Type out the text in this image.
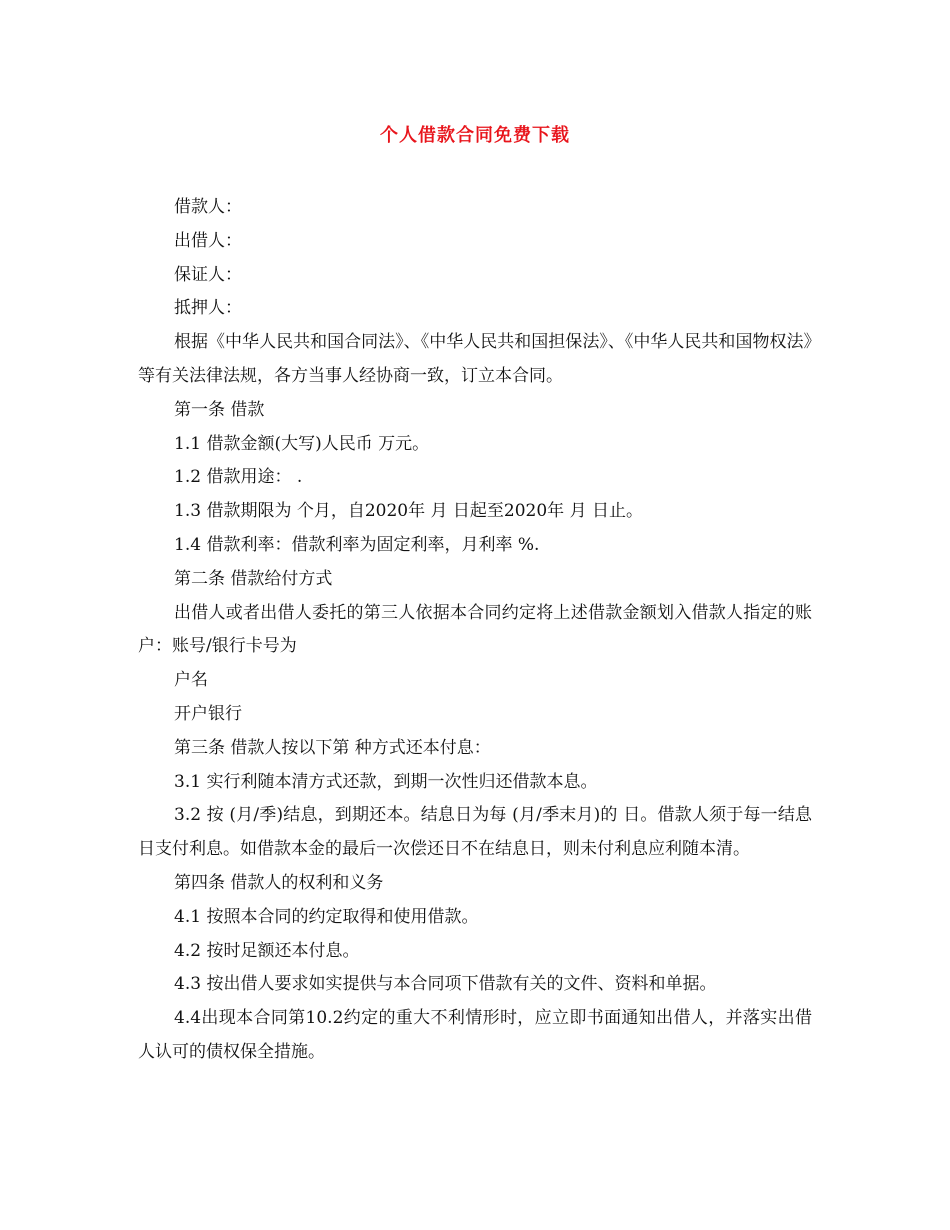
个人借款合同免费下载

借款人：

出借人：

保证人：

抵押人：

根据《中华人民共和国合同法》、《中华人民共和国担保法》、《中华人民共和国物权法》等有关法律法规，各方当事人经协商一致，订立本合同。

第一条 借款

1.1 借款金额(大写)人民币 万元。

1.2 借款用途： .

1.3 借款期限为 个月，自2020年 月 日起至2020年 月 日止。

1.4 借款利率：借款利率为固定利率，月利率 %.

第二条 借款给付方式

出借人或者出借人委托的第三人依据本合同约定将上述借款金额划入借款人指定的账户：账号/银行卡号为

户名

开户银行

第三条 借款人按以下第 种方式还本付息：

3.1 实行利随本清方式还款，到期一次性归还借款本息。

3.2 按 (月/季)结息，到期还本。结息日为每 (月/季末月)的 日。借款人须于每一结息日支付利息。如借款本金的最后一次偿还日不在结息日，则未付利息应利随本清。

第四条 借款人的权利和义务

4.1 按照本合同的约定取得和使用借款。

4.2 按时足额还本付息。

4.3 按出借人要求如实提供与本合同项下借款有关的文件、资料和单据。

4.4出现本合同第10.2约定的重大不利情形时，应立即书面通知出借人，并落实出借人认可的债权保全措施。
